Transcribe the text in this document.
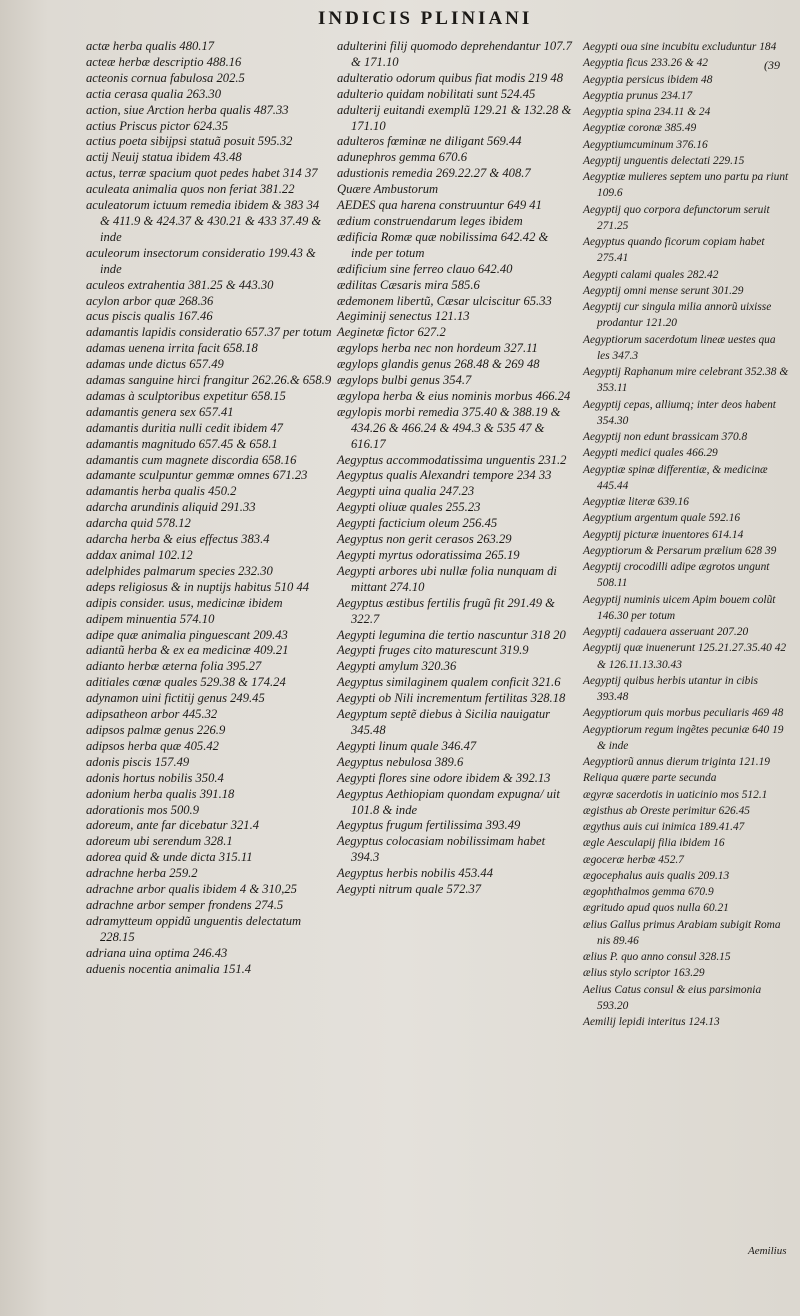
INDICIS PLINIANI
(39

actæ herba qualis 480.17

acteæ herbæ descriptio 488.16

acteonis cornua fabulosa 202.5

actia cerasa qualia 263.30

action, siue Arction herba qualis 487.33

actius Priscus pictor 624.35

actius poeta sibijpsi statuã posuit 595.32

actij Neuij statua ibidem 43.48

actus, terræ spacium quot pedes habet 314 37

aculeata animalia quos non feriat 381.22

aculeatorum ictuum remedia ibidem & 383 34 & 411.9 & 424.37 & 430.21 & 433 37.49 & inde

aculeorum insectorum consideratio 199.43 & inde

aculeos extrahentia 381.25 & 443.30

acylon arbor quæ 268.36

acus piscis qualis 167.46

adamantis lapidis consideratio 657.37 per totum

adamas uenena irrita facit 658.18

adamas unde dictus 657.49

adamas sanguine hirci frangitur 262.26.& 658.9

adamas à sculptoribus expetitur 658.15

adamantis genera sex 657.41

adamantis duritia nulli cedit ibidem 47

adamantis magnitudo 657.45 & 658.1

adamantis cum magnete discordia 658.16

adamante sculpuntur gemmæ omnes 671.23

adamantis herba qualis 450.2

adarcha arundinis aliquid 291.33

adarcha quid 578.12

adarcha herba & eius effectus 383.4

addax animal 102.12

adelphides palmarum species 232.30

adeps religiosus & in nuptijs habitus 510 44

adipis consider. usus, medicinæ ibidem

adipem minuentia 574.10

adipe quæ animalia pinguescant 209.43

adiantũ herba & ex ea medicinæ 409.21

adianto herbæ æterna folia 395.27

aditiales cœnæ quales 529.38 & 174.24

adynamon uini fictitij genus 249.45

adipsatheon arbor 445.32

adipsos palmæ genus 226.9

adipsos herba quæ 405.42

adonis piscis 157.49

adonis hortus nobilis 350.4

adonium herba qualis 391.18

adorationis mos 500.9

adoreum, ante far dicebatur 321.4

adoreum ubi serendum 328.1

adorea quid & unde dicta 315.11

adrachne herba 259.2

adrachne arbor qualis ibidem 4 & 310,25

adrachne arbor semper frondens 274.5

adramytteum oppidũ unguentis delectatum 228.15

adriana uina optima 246.43

aduenis nocentia animalia 151.4

adulterini filij quomodo deprehendantur 107.7 & 171.10

adulteratio odorum quibus fiat modis 219 48

adulterio quidam nobilitati sunt 524.45

adulterij euitandi exemplũ 129.21 & 132.28 & 171.10

adulteros fœminæ ne diligant 569.44

adunephros gemma 670.6

adustionis remedia 269.22.27 & 408.7

Quære Ambustorum

AEDES qua harena construuntur 649 41

ædium construendarum leges ibidem

ædificia Romæ quæ nobilissima 642.42 & inde per totum

ædificium sine ferreo clauo 642.40

ædilitas Cæsaris mira 585.6

ædemonem libertũ, Cæsar ulciscitur 65.33

Aegiminij senectus 121.13

Aeginetæ fictor 627.2

ægylops herba nec non hordeum 327.11

ægylops glandis genus 268.48 & 269 48

ægylops bulbi genus 354.7

ægylopa herba & eius nominis morbus 466.24

ægylopis morbi remedia 375.40 & 388.19 & 434.26 & 466.24 & 494.3 & 535 47 & 616.17

Aegyptus accommodatissima unguentis 231.2

Aegyptus qualis Alexandri tempore 234 33

Aegypti uina qualia 247.23

Aegypti oliuæ quales 255.23

Aegypti facticium oleum 256.45

Aegyptus non gerit cerasos 263.29

Aegypti myrtus odoratissima 265.19

Aegypti arbores ubi nullæ folia nunquam di mittant 274.10

Aegyptus æstibus fertilis frugũ fit 291.49 & 322.7

Aegypti legumina die tertio nascuntur 318 20

Aegypti fruges cito maturescunt 319.9

Aegypti amylum 320.36

Aegyptus similaginem qualem conficit 321.6

Aegypti ob Nili incrementum fertilitas 328.18

Aegyptum septẽ diebus à Sicilia nauigatur 345.48

Aegypti linum quale 346.47

Aegyptus nebulosa 389.6

Aegypti flores sine odore ibidem & 392.13

Aegyptus Aethiopiam quondam expugna/ uit 101.8 & inde

Aegyptus frugum fertilissima 393.49

Aegyptus colocasiam nobilissimam habet 394.3

Aegyptus herbis nobilis 453.44

Aegypti nitrum quale 572.37

Aegypti oua sine incubitu excluduntur 184

Aegyptia ficus 233.26 & 42

Aegyptia persicus ibidem 48

Aegyptia prunus 234.17

Aegyptia spina 234.11 & 24

Aegyptiæ coronæ 385.49

Aegyptiumcuminum 376.16

Aegyptij unguentis delectati 229.15

Aegyptiæ mulieres septem uno partu pa riunt 109.6

Aegyptij quo corpora defunctorum seruit 271.25

Aegyptus quando ficorum copiam habet 275.41

Aegypti calami quales 282.42

Aegyptij omni mense serunt 301.29

Aegyptij cur singula milia annorũ uixisse prodantur 121.20

Aegyptiorum sacerdotum lineæ uestes qua les 347.3

Aegyptij Raphanum mire celebrant 352.38 & 353.11

Aegyptij cepas, alliumq; inter deos habent 354.30

Aegyptij non edunt brassicam 370.8

Aegypti medici quales 466.29

Aegyptiæ spinæ differentiæ, & medicinæ 445.44

Aegyptiæ literæ 639.16

Aegyptium argentum quale 592.16

Aegyptij picturæ inuentores 614.14

Aegyptiorum & Persarum prælium 628 39

Aegyptij crocodilli adipe ægrotos ungunt 508.11

Aegyptij numinis uicem Apim bouem colũt 146.30 per totum

Aegyptij cadauera asseruant 207.20

Aegyptij quæ inuenerunt 125.21.27.35.40 42 & 126.11.13.30.43

Aegyptij quibus herbis utantur in cibis 393.48

Aegyptiorum quis morbus peculiaris 469 48

Aegyptiorum regum ingẽtes pecuniæ 640 19 & inde

Aegyptiorũ annus dierum triginta 121.19

Reliqua quære parte secunda

ægyræ sacerdotis in uaticinio mos 512.1

ægisthus ab Oreste perimitur 626.45

ægythus auis cui inimica 189.41.47

ægle Aesculapij filia ibidem 16

ægoceræ herbæ 452.7

ægocephalus auis qualis 209.13

ægophthalmos gemma 670.9

ægritudo apud quos nulla 60.21

ælius Gallus primus Arabiam subigit Roma nis 89.46

ælius P. quo anno consul 328.15

ælius stylo scriptor 163.29

Aelius Catus consul & eius parsimonia 593.20

Aemilij lepidi interitus 124.13

Aemilius
